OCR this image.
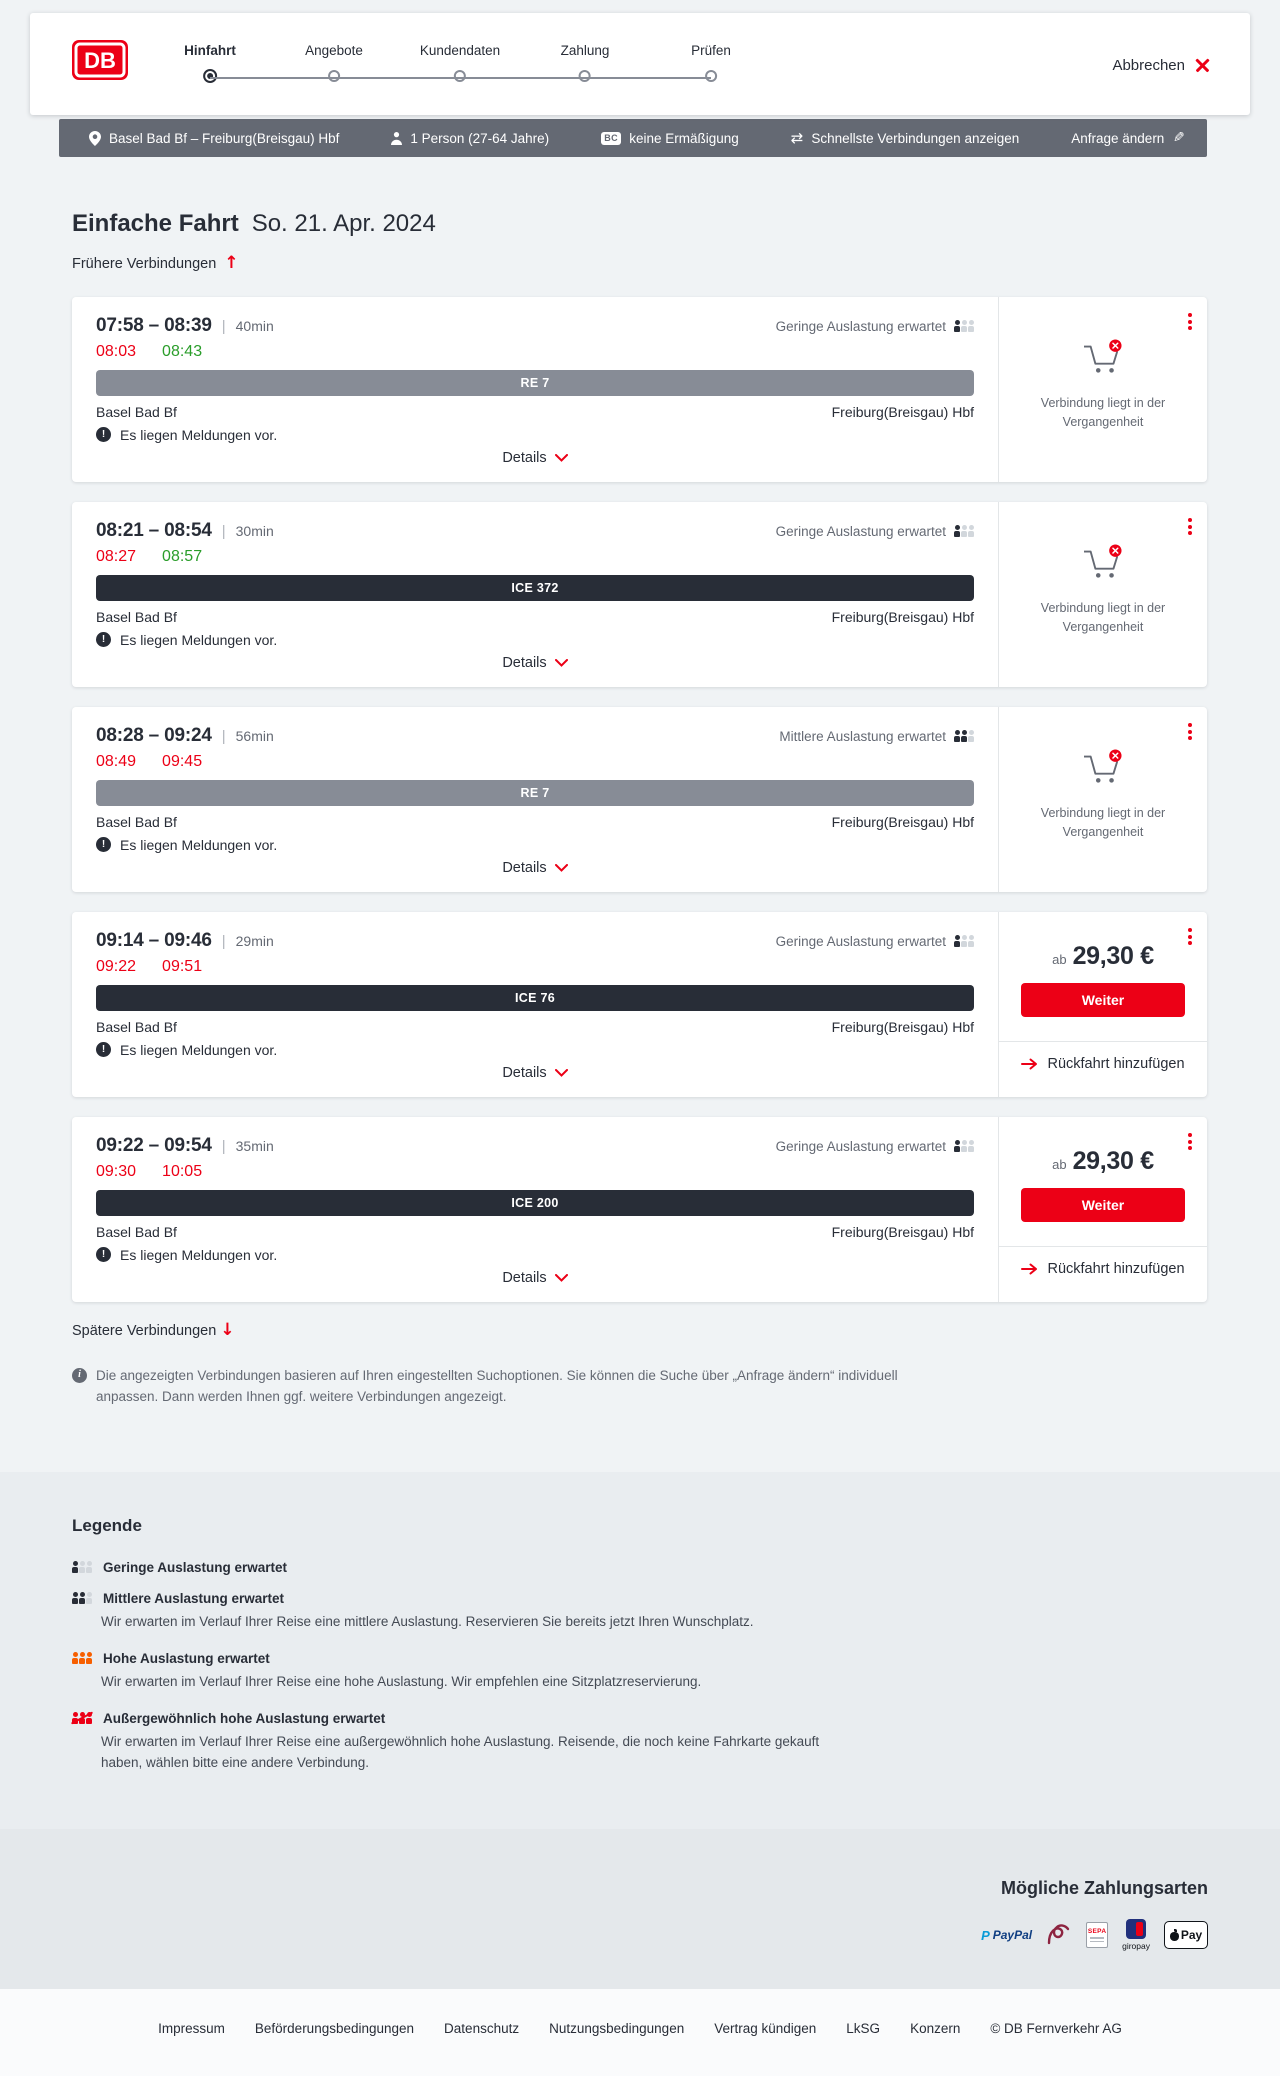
DB	Hinfahrt	Angebote	Kundendaten	Zahlung	Prüfen
Abbrechen
Basel Bad Bf – Freiburg(Breisgau) Hbf	1 Person (27-64 Jahre)	BC keine Ermäßigung	⇄ Schnellste Verbindungen anzeigen	Anfrage ändern ✎
Einfache Fahrt So. 21. Apr. 2024
Frühere Verbindungen ↑
07:58 – 08:39 | 40min	Geringe Auslastung erwartet
08:03 08:43
RE 7
Basel Bad Bf	Freiburg(Breisgau) Hbf
!	Es liegen Meldungen vor.
Details

Verbindung liegt in der Vergangenheit

08:21 – 08:54 | 30min	Geringe Auslastung erwartet
08:27 08:57
ICE 372
Basel Bad Bf	Freiburg(Breisgau) Hbf
!	Es liegen Meldungen vor.
Details

Verbindung liegt in der Vergangenheit

08:28 – 09:24 | 56min	Mittlere Auslastung erwartet
08:49 09:45
RE 7
Basel Bad Bf	Freiburg(Breisgau) Hbf
!	Es liegen Meldungen vor.
Details

Verbindung liegt in der Vergangenheit

09:14 – 09:46 | 29min	Geringe Auslastung erwartet
09:22 09:51
ICE 76
Basel Bad Bf	Freiburg(Breisgau) Hbf
!	Es liegen Meldungen vor.
Details
ab 29,30 €
Weiter
Rückfahrt hinzufügen
09:22 – 09:54 | 35min	Geringe Auslastung erwartet
09:30 10:05
ICE 200
Basel Bad Bf	Freiburg(Breisgau) Hbf
!	Es liegen Meldungen vor.
Details
ab 29,30 €
Weiter
Rückfahrt hinzufügen
Spätere Verbindungen ↓
i	Die angezeigten Verbindungen basieren auf Ihren eingestellten Suchoptionen. Sie können die Suche über „Anfrage ändern“ individuell anpassen. Dann werden Ihnen ggf. weitere Verbindungen angezeigt.
Legende
Geringe Auslastung erwartet
Mittlere Auslastung erwartet

Wir erwarten im Verlauf Ihrer Reise eine mittlere Auslastung. Reservieren Sie bereits jetzt Ihren Wunschplatz.

Hohe Auslastung erwartet

Wir erwarten im Verlauf Ihrer Reise eine hohe Auslastung. Wir empfehlen eine Sitzplatzreservierung.

Außergewöhnlich hohe Auslastung erwartet

Wir erwarten im Verlauf Ihrer Reise eine außergewöhnlich hohe Auslastung. Reisende, die noch keine Fahrkarte gekauft haben, wählen bitte eine andere Verbindung.

Mögliche Zahlungsarten
P PayPal	SEPA
giropay
Pay
Impressum Beförderungsbedingungen Datenschutz Nutzungsbedingungen Vertrag kündigen LkSG Konzern © DB Fernverkehr AG
